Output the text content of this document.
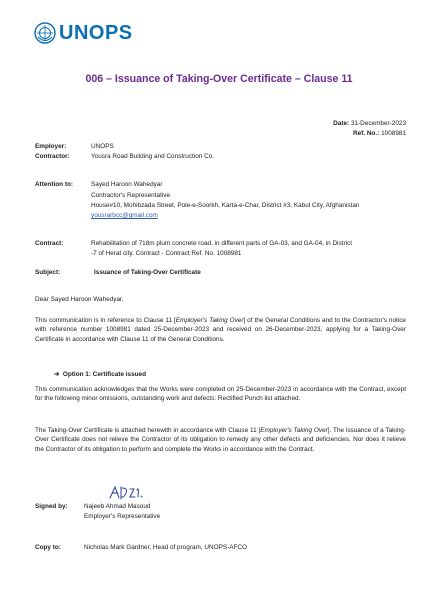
UNOPS
006 – Issuance of Taking-Over Certificate – Clause 11
Date: 31-December-2023
Ref. No.: 1008981
Employer:	UNOPS
Contractor:	Yousra Road Building and Construction Co.
Attention to:	Sayed Haroon Wahedyar
Contractor's Representative
House#10, Mohibzada Street, Pole-e-Soorkh, Karta-e-Char, District #3, Kabul City, Afghanistan
yousrarbcc@gmail.com
Contract:	Rehabilitation of 718m plum concrete road, in different parts of GA-03, and GA-04, in District
-7 of Herat city. Contract - Contract Ref. No. 1008981
Subject:	Issuance of Taking-Over Certificate
Dear Sayed Haroon Wahedyar,
This communication is in reference to Clause 11 [Employer's Taking Over] of the General Conditions and to the Contractor's notice with reference number 1008981 dated 25-December-2023 and received on 26-December-2023, applying for a Taking-Over Certificate in accordance with Clause 11 of the General Conditions.
➔ Option 1: Certificate issued
This communication acknowledges that the Works were completed on 25-December-2023 in accordance with the Contract, except for the following minor omissions, outstanding work and defects: Rectified Punch list attached.
The Taking-Over Certificate is attached herewith in accordance with Clause 11 [Employer's Taking Over]. The issuance of a Taking-Over Certificate does not relieve the Contractor of its obligation to remedy any other defects and deficiencies. Nor does it relieve the Contractor of its obligation to perform and complete the Works in accordance with the Contract.
Signed by:	Najeeb Ahmad Masoud
Employer's Representative
Copy to:	Nicholas Mark Gardner, Head of program, UNOPS-AFCO
